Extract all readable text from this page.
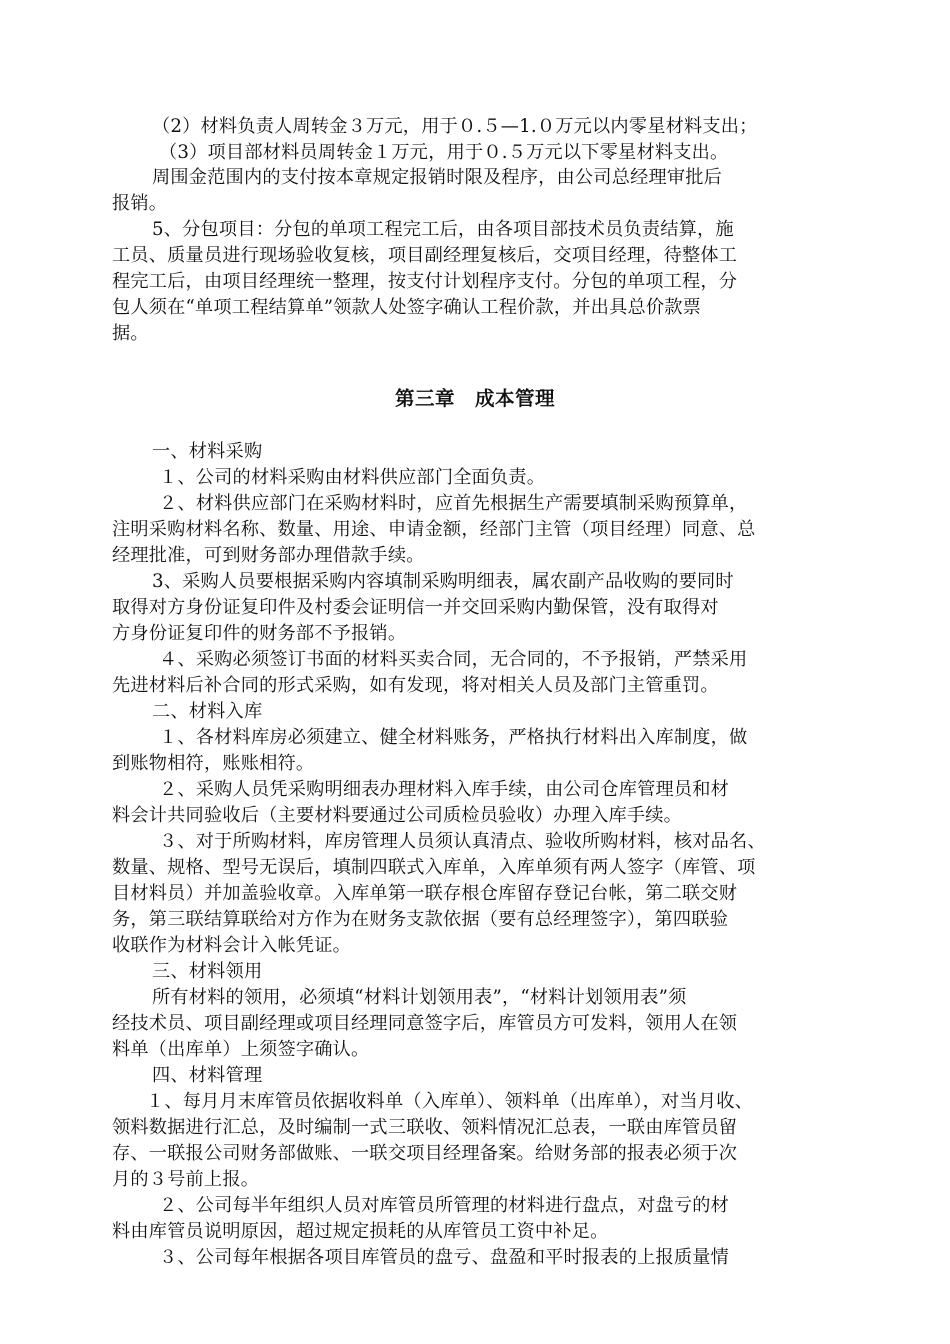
（2）材料负责人周转金３万元，用于０.５—1.０万元以内零星材料支出；
（3）项目部材料员周转金１万元，用于０.５万元以下零星材料支出。
周围金范围内的支付按本章规定报销时限及程序，由公司总经理审批后
报销。
5、分包项目：分包的单项工程完工后，由各项目部技术员负责结算，施
工员、质量员进行现场验收复核，项目副经理复核后，交项目经理，待整体工
程完工后，由项目经理统一整理，按支付计划程序支付。分包的单项工程，分
包人须在“单项工程结算单”领款人处签字确认工程价款，并出具总价款票
据。
第三章　成本管理
一、材料采购
１、公司的材料采购由材料供应部门全面负责。
２、材料供应部门在采购材料时，应首先根据生产需要填制采购预算单，
注明采购材料名称、数量、用途、申请金额，经部门主管（项目经理）同意、总
经理批准，可到财务部办理借款手续。
3、采购人员要根据采购内容填制采购明细表，属农副产品收购的要同时
取得对方身份证复印件及村委会证明信一并交回采购内勤保管，没有取得对
方身份证复印件的财务部不予报销。
４、采购必须签订书面的材料买卖合同，无合同的，不予报销，严禁采用
先进材料后补合同的形式采购，如有发现，将对相关人员及部门主管重罚。
二、材料入库
１、各材料库房必须建立、健全材料账务，严格执行材料出入库制度，做
到账物相符，账账相符。
２、采购人员凭采购明细表办理材料入库手续，由公司仓库管理员和材
料会计共同验收后（主要材料要通过公司质检员验收）办理入库手续。
３、对于所购材料，库房管理人员须认真清点、验收所购材料，核对品名、
数量、规格、型号无误后，填制四联式入库单，入库单须有两人签字（库管、项
目材料员）并加盖验收章。入库单第一联存根仓库留存登记台帐，第二联交财
务，第三联结算联给对方作为在财务支款依据（要有总经理签字），第四联验
收联作为材料会计入帐凭证。
三、材料领用
所有材料的领用，必须填“材料计划领用表”，“材料计划领用表”须
经技术员、项目副经理或项目经理同意签字后，库管员方可发料，领用人在领
料单（出库单）上须签字确认。
四、材料管理
１、每月月末库管员依据收料单（入库单）、领料单（出库单），对当月收、
领料数据进行汇总，及时编制一式三联收、领料情况汇总表，一联由库管员留
存、一联报公司财务部做账、一联交项目经理备案。给财务部的报表必须于次
月的３号前上报。
２、公司每半年组织人员对库管员所管理的材料进行盘点，对盘亏的材
料由库管员说明原因，超过规定损耗的从库管员工资中补足。
３、公司每年根据各项目库管员的盘亏、盘盈和平时报表的上报质量情
